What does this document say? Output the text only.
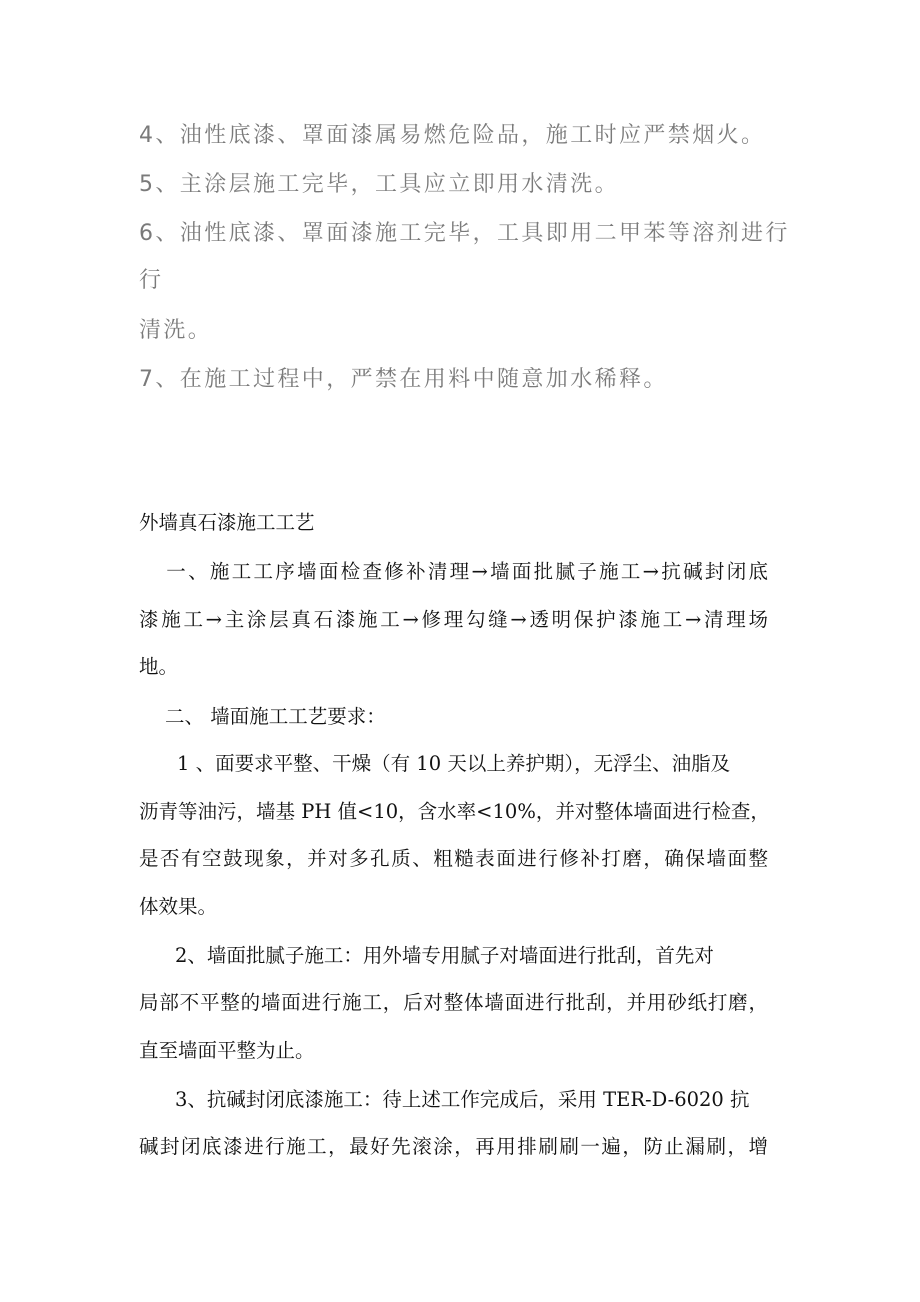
4、油性底漆、罩面漆属易燃危险品，施工时应严禁烟火。
5、主涂层施工完毕，工具应立即用水清洗。
6、油性底漆、罩面漆施工完毕，工具即用二甲苯等溶剂进行
行
清洗。
7、在施工过程中，严禁在用料中随意加水稀释。
外墙真石漆施工工艺
一、施工工序墙面检查修补清理→墙面批腻子施工→抗碱封闭底
漆施工→主涂层真石漆施工→修理勾缝→透明保护漆施工→清理场
地。
二、 墙面施工工艺要求：
1 、面要求平整、干燥（有 10 天以上养护期），无浮尘、油脂及
沥青等油污，墙基 PH 值<10，含水率<10%，并对整体墙面进行检查，
是否有空鼓现象，并对多孔质、粗糙表面进行修补打磨，确保墙面整
体效果。
2、墙面批腻子施工：用外墙专用腻子对墙面进行批刮，首先对
局部不平整的墙面进行施工，后对整体墙面进行批刮，并用砂纸打磨，
直至墙面平整为止。
3、抗碱封闭底漆施工：待上述工作完成后，采用 TER-D-6020 抗
碱封闭底漆进行施工，最好先滚涂，再用排刷刷一遍，防止漏刷，增
